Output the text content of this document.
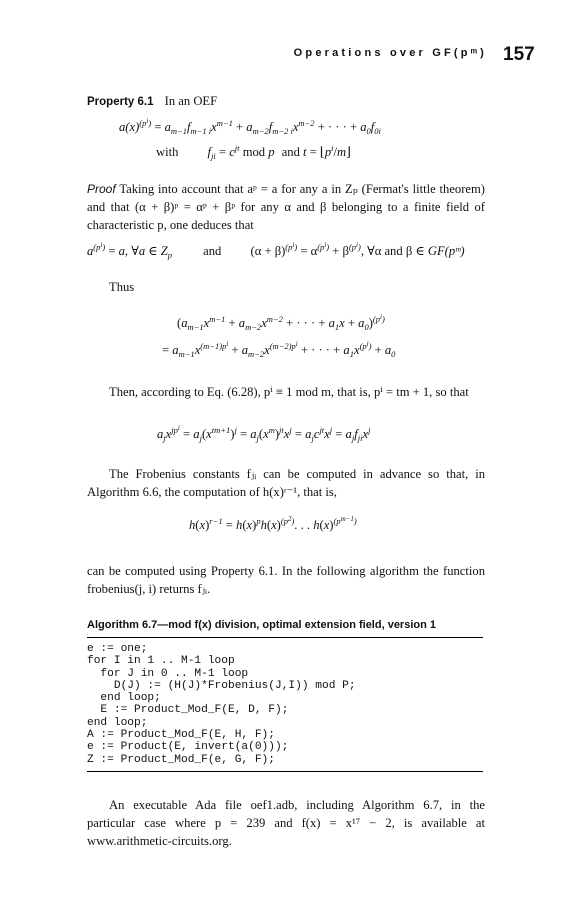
Operations over GF(pᵐ) 157
Property 6.1 In an OEF
$a(x)^{(p^i)} = a_{m-1}f_{m-1 i}x^{m-1} + a_{m-2}f_{m-2 i}x^{m-2}$ + · · · + $a_0f_{0i}$
with $f_{ji} = c^{jt}$ mod p and $t = ⌊p^i/m⌋$
Proof Taking into account that aᵖ = a for any a in Zₚ (Fermat's little theorem) and that (α + β)ᵖ = αᵖ + βᵖ for any α and β belonging to a finite field of characteristic p, one deduces that
$a^{(p^i)} = a$, ∀a ∈ $Z_p$ and $(\alpha + \beta)^{(p^i)} = \alpha^{(p^i)} + \beta^{(p^i)}$, ∀α and β ∈ GF(pᵐ)
Thus
($a_{m-1}x^{m-1} + a_{m-2}x^{m-2}$ + · · · + $a_1x + a_0)^{(p^i)}$
= $a_{m-1}x^{(m-1)p^i} + a_{m-2}x^{(m-2)p^i}$ + · · · + $a_1x^{(p^i)} + a_0$
Then, according to Eq. (6.28), pⁱ ≡ 1 mod m, that is, pⁱ = tm + 1, so that
$a_jx^{jp^i} = a_j(x^{tm+1})^j = a_j(x^m)^{jt}x^j = a_jc^{jt}x^j = a_jf_{ji}x^j$
The Frobenius constants fⱼᵢ can be computed in advance so that, in Algorithm 6.6, the computation of h(x)ʳ⁻¹, that is,
$h(x)^{r-1} = h(x)^ph(x)^{(p^2)}$. . . $h(x)^{(p^{m-1})}$
can be computed using Property 6.1. In the following algorithm the function frobenius(j, i) returns fⱼᵢ.
Algorithm 6.7—mod f(x) division, optimal extension field, version 1
e := one;
for I in 1 .. M-1 loop
for J in 0 .. M-1 loop
D(J) := (H(J)*Frobenius(J,I)) mod P;
end loop;
E := Product_Mod_F(E, D, F);
end loop;
A := Product_Mod_F(E, H, F);
e := Product(E, invert(a(0)));
Z := Product_Mod_F(e, G, F);
An executable Ada file oef1.adb, including Algorithm 6.7, in the particular case where p = 239 and f(x) = x¹⁷ − 2, is available at www.arithmetic-circuits.org.
